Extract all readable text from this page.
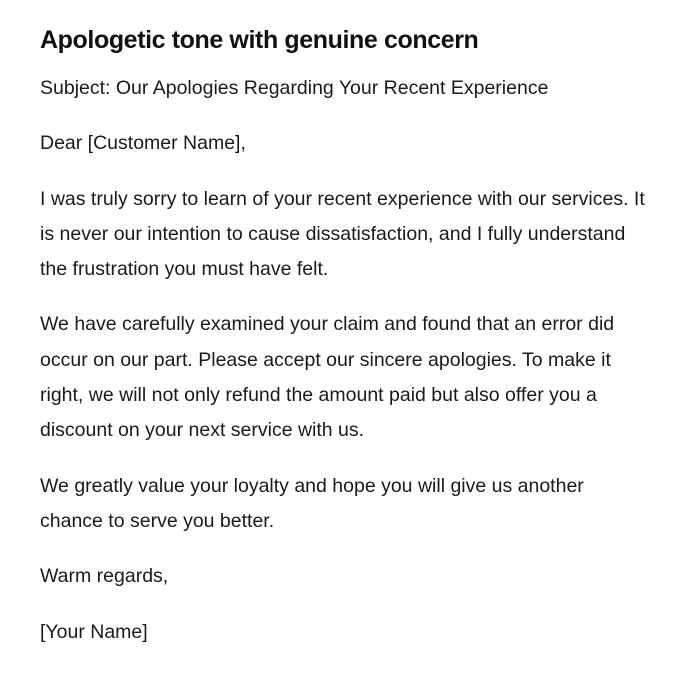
Apologetic tone with genuine concern

Subject: Our Apologies Regarding Your Recent Experience

Dear [Customer Name],

I was truly sorry to learn of your recent experience with our services. It is never our intention to cause dissatisfaction, and I fully understand the frustration you must have felt.

We have carefully examined your claim and found that an error did occur on our part. Please accept our sincere apologies. To make it right, we will not only refund the amount paid but also offer you a discount on your next service with us.

We greatly value your loyalty and hope you will give us another chance to serve you better.

Warm regards,

[Your Name]
